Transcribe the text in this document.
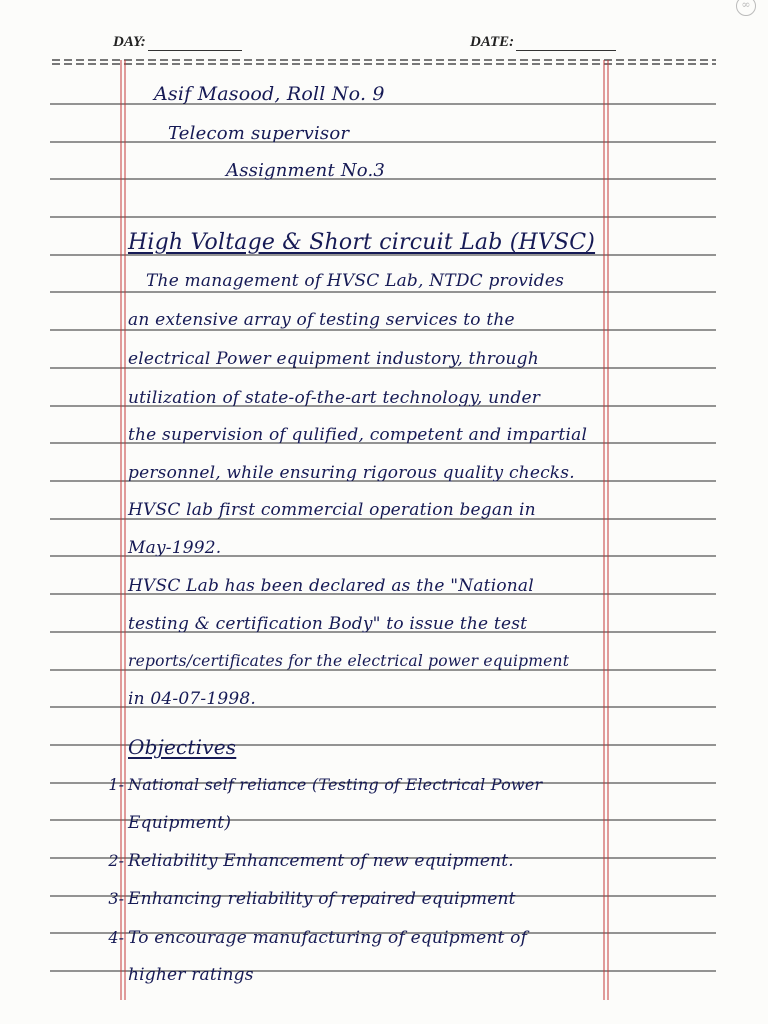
∞
DAY:	DATE:
Asif Masood, Roll No. 9
Telecom supervisor
Assignment No.3
High Voltage & Short circuit Lab (HVSC)
The management of HVSC Lab, NTDC provides
an extensive array of testing services to the
electrical Power equipment industory, through
utilization of state-of-the-art technology, under
the supervision of qulified, competent and impartial
personnel, while ensuring rigorous quality checks.
HVSC lab first commercial operation began in
May-1992.
HVSC Lab has been declared as the "National
testing & certification Body" to issue the test
reports/certificates for the electrical power equipment
in 04-07-1998.
Objectives
1- National self reliance (Testing of Electrical Power
Equipment)
2- Reliability Enhancement of new equipment.
3- Enhancing reliability of repaired equipment
4- To encourage manufacturing of equipment of
higher ratings
